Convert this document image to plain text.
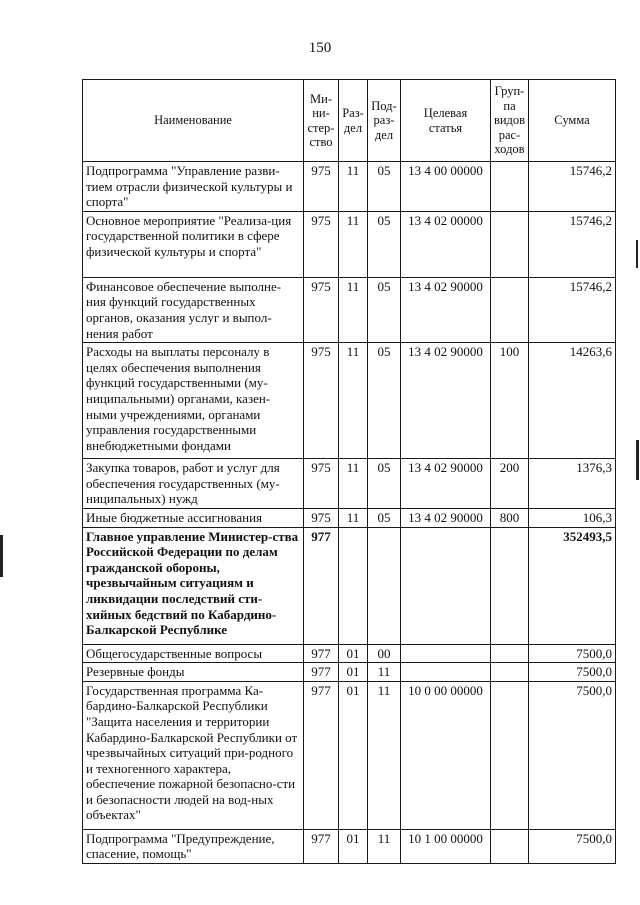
150
Наименование	Ми-
ни-
стер-
ство	Раз-
дел	Под-
раз-
дел	Целевая
статья	Груп-
па
видов
рас-
ходов	Сумма
Подпрограмма "Управление разви-тием отрасли физической культуры и спорта"	975	11	05	13 4 00 00000		15746,2
Основное мероприятие "Реализа-ция государственной политики в сфере физической культуры и спорта"	975	11	05	13 4 02 00000		15746,2
Финансовое обеспечение выполне-ния функций государственных органов, оказания услуг и выпол-нения работ	975	11	05	13 4 02 90000		15746,2
Расходы на выплаты персоналу в целях обеспечения выполнения функций государственными (му-ниципальными) органами, казен-ными учреждениями, органами управления государственными внебюджетными фондами	975	11	05	13 4 02 90000	100	14263,6
Закупка товаров, работ и услуг для обеспечения государственных (му-ниципальных) нужд	975	11	05	13 4 02 90000	200	1376,3
Иные бюджетные ассигнования	975	11	05	13 4 02 90000	800	106,3
Главное управление Министер-ства Российской Федерации по делам гражданской обороны, чрезвычайным ситуациям и ликвидации последствий сти-хийных бедствий по Кабардино-Балкарской Республике	977					352493,5
Общегосударственные вопросы	977	01	00			7500,0
Резервные фонды	977	01	11			7500,0
Государственная программа Ка-бардино-Балкарской Республики "Защита населения и территории Кабардино-Балкарской Республики от чрезвычайных ситуаций при-родного и техногенного характера, обеспечение пожарной безопасно-сти и безопасности людей на вод-ных объектах"	977	01	11	10 0 00 00000		7500,0
Подпрограмма "Предупреждение, спасение, помощь"	977	01	11	10 1 00 00000		7500,0
